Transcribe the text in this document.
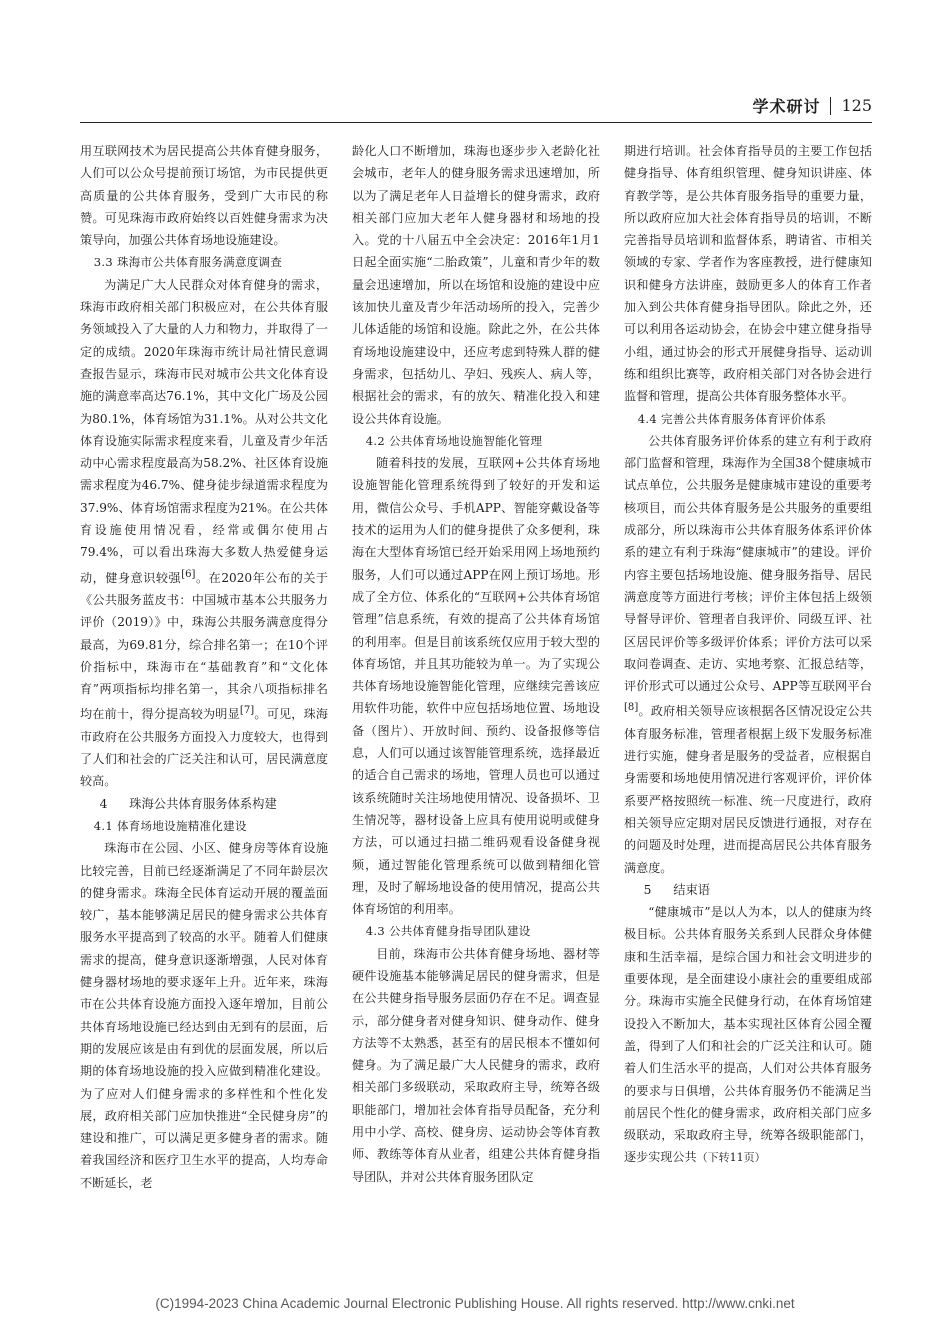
学术研讨 125

用互联网技术为居民提高公共体育健身服务，人们可以公众号提前预订场馆，为市民提供更高质量的公共体育服务，受到广大市民的称赞。可见珠海市政府始终以百姓健身需求为决策导向，加强公共体育场地设施建设。

3.3 珠海市公共体育服务满意度调查

为满足广大人民群众对体育健身的需求，珠海市政府相关部门积极应对，在公共体育服务领域投入了大量的人力和物力，并取得了一定的成绩。2020年珠海市统计局社情民意调查报告显示，珠海市民对城市公共文化体育设施的满意率高达76.1%，其中文化广场及公园为80.1%，体育场馆为31.1%。从对公共文化体育设施实际需求程度来看，儿童及青少年活动中心需求程度最高为58.2%、社区体育设施需求程度为46.7%、健身徒步绿道需求程度为37.9%、体育场馆需求程度为21%。在公共体育设施使用情况看，经常或偶尔使用占79.4%，可以看出珠海大多数人热爱健身运动，健身意识较强[6]。在2020年公布的关于《公共服务蓝皮书：中国城市基本公共服务力评价（2019）》中，珠海公共服务满意度得分最高，为69.81分，综合排名第一；在10个评价指标中，珠海市在“基础教育”和“文化体育”两项指标均排名第一，其余八项指标排名均在前十，得分提高较为明显[7]。可见，珠海市政府在公共服务方面投入力度较大，也得到了人们和社会的广泛关注和认可，居民满意度较高。

4 珠海公共体育服务体系构建
4.1 体育场地设施精准化建设

珠海市在公园、小区、健身房等体育设施比较完善，目前已经逐渐满足了不同年龄层次的健身需求。珠海全民体育运动开展的覆盖面较广，基本能够满足居民的健身需求公共体育服务水平提高到了较高的水平。随着人们健康需求的提高，健身意识逐渐增强，人民对体育健身器材场地的要求逐年上升。近年来，珠海市在公共体育设施方面投入逐年增加，目前公共体育场地设施已经达到由无到有的层面，后期的发展应该是由有到优的层面发展，所以后期的体育场地设施的投入应做到精准化建设。为了应对人们健身需求的多样性和个性化发展，政府相关部门应加快推进“全民健身房”的建设和推广，可以满足更多健身者的需求。随着我国经济和医疗卫生水平的提高，人均寿命不断延长，老

龄化人口不断增加，珠海也逐步步入老龄化社会城市，老年人的健身服务需求迅速增加，所以为了满足老年人日益增长的健身需求，政府相关部门应加大老年人健身器材和场地的投入。党的十八届五中全会决定：2016年1月1日起全面实施“二胎政策”，儿童和青少年的数量会迅速增加，所以在场馆和设施的建设中应该加快儿童及青少年活动场所的投入，完善少儿体适能的场馆和设施。除此之外，在公共体育场地设施建设中，还应考虑到特殊人群的健身需求，包括幼儿、孕妇、残疾人、病人等，根据社会的需求，有的放矢、精准化投入和建设公共体育设施。

4.2 公共体育场地设施智能化管理

随着科技的发展，互联网+公共体育场地设施智能化管理系统得到了较好的开发和运用，微信公众号、手机APP、智能穿戴设备等技术的运用为人们的健身提供了众多便利，珠海在大型体育场馆已经开始采用网上场地预约服务，人们可以通过APP在网上预订场地。形成了全方位、体系化的“互联网+公共体育场馆管理”信息系统，有效的提高了公共体育场馆的利用率。但是目前该系统仅应用于较大型的体育场馆，并且其功能较为单一。为了实现公共体育场地设施智能化管理，应继续完善该应用软件功能，软件中应包括场地位置、场地设备（图片）、开放时间、预约、设备报修等信息，人们可以通过该智能管理系统，选择最近的适合自己需求的场地，管理人员也可以通过该系统随时关注场地使用情况、设备损坏、卫生情况等，器材设备上应具有使用说明或健身方法，可以通过扫描二维码观看设备健身视频，通过智能化管理系统可以做到精细化管理，及时了解场地设备的使用情况，提高公共体育场馆的利用率。

4.3 公共体育健身指导团队建设

目前，珠海市公共体育健身场地、器材等硬件设施基本能够满足居民的健身需求，但是在公共健身指导服务层面仍存在不足。调查显示，部分健身者对健身知识、健身动作、健身方法等不太熟悉，甚至有的居民根本不懂如何健身。为了满足最广大人民健身的需求，政府相关部门多级联动，采取政府主导，统筹各级职能部门，增加社会体育指导员配备，充分利用中小学、高校、健身房、运动协会等体育教师、教练等体育从业者，组建公共体育健身指导团队，并对公共体育服务团队定

期进行培训。社会体育指导员的主要工作包括健身指导、体育组织管理、健身知识讲座、体育教学等，是公共体育服务指导的重要力量，所以政府应加大社会体育指导员的培训，不断完善指导员培训和监督体系，聘请省、市相关领域的专家、学者作为客座教授，进行健康知识和健身方法讲座，鼓励更多人的体育工作者加入到公共体育健身指导团队。除此之外，还可以利用各运动协会，在协会中建立健身指导小组，通过协会的形式开展健身指导、运动训练和组织比赛等，政府相关部门对各协会进行监督和管理，提高公共体育服务整体水平。

4.4 完善公共体育服务体育评价体系

公共体育服务评价体系的建立有利于政府部门监督和管理，珠海作为全国38个健康城市试点单位，公共服务是健康城市建设的重要考核项目，而公共体育服务是公共服务的重要组成部分，所以珠海市公共体育服务体系评价体系的建立有利于珠海“健康城市”的建设。评价内容主要包括场地设施、健身服务指导、居民满意度等方面进行考核；评价主体包括上级领导督导评价、管理者自我评价、同级互评、社区居民评价等多级评价体系；评价方法可以采取问卷调查、走访、实地考察、汇报总结等，评价形式可以通过公众号、APP等互联网平台[8]。政府相关领导应该根据各区情况设定公共体育服务标准，管理者根据上级下发服务标准进行实施，健身者是服务的受益者，应根据自身需要和场地使用情况进行客观评价，评价体系要严格按照统一标准、统一尺度进行，政府相关领导应定期对居民反馈进行通报，对存在的问题及时处理，进而提高居民公共体育服务满意度。

5 结束语

“健康城市”是以人为本，以人的健康为终极目标。公共体育服务关系到人民群众身体健康和生活幸福，是综合国力和社会文明进步的重要体现，是全面建设小康社会的重要组成部分。珠海市实施全民健身行动，在体育场馆建设投入不断加大，基本实现社区体育公园全覆盖，得到了人们和社会的广泛关注和认可。随着人们生活水平的提高，人们对公共体育服务的要求与日俱增，公共体育服务仍不能满足当前居民个性化的健身需求，政府相关部门应多级联动，采取政府主导，统筹各级职能部门，逐步实现公共（下转11页）

(C)1994-2023 China Academic Journal Electronic Publishing House. All rights reserved. http://www.cnki.net
